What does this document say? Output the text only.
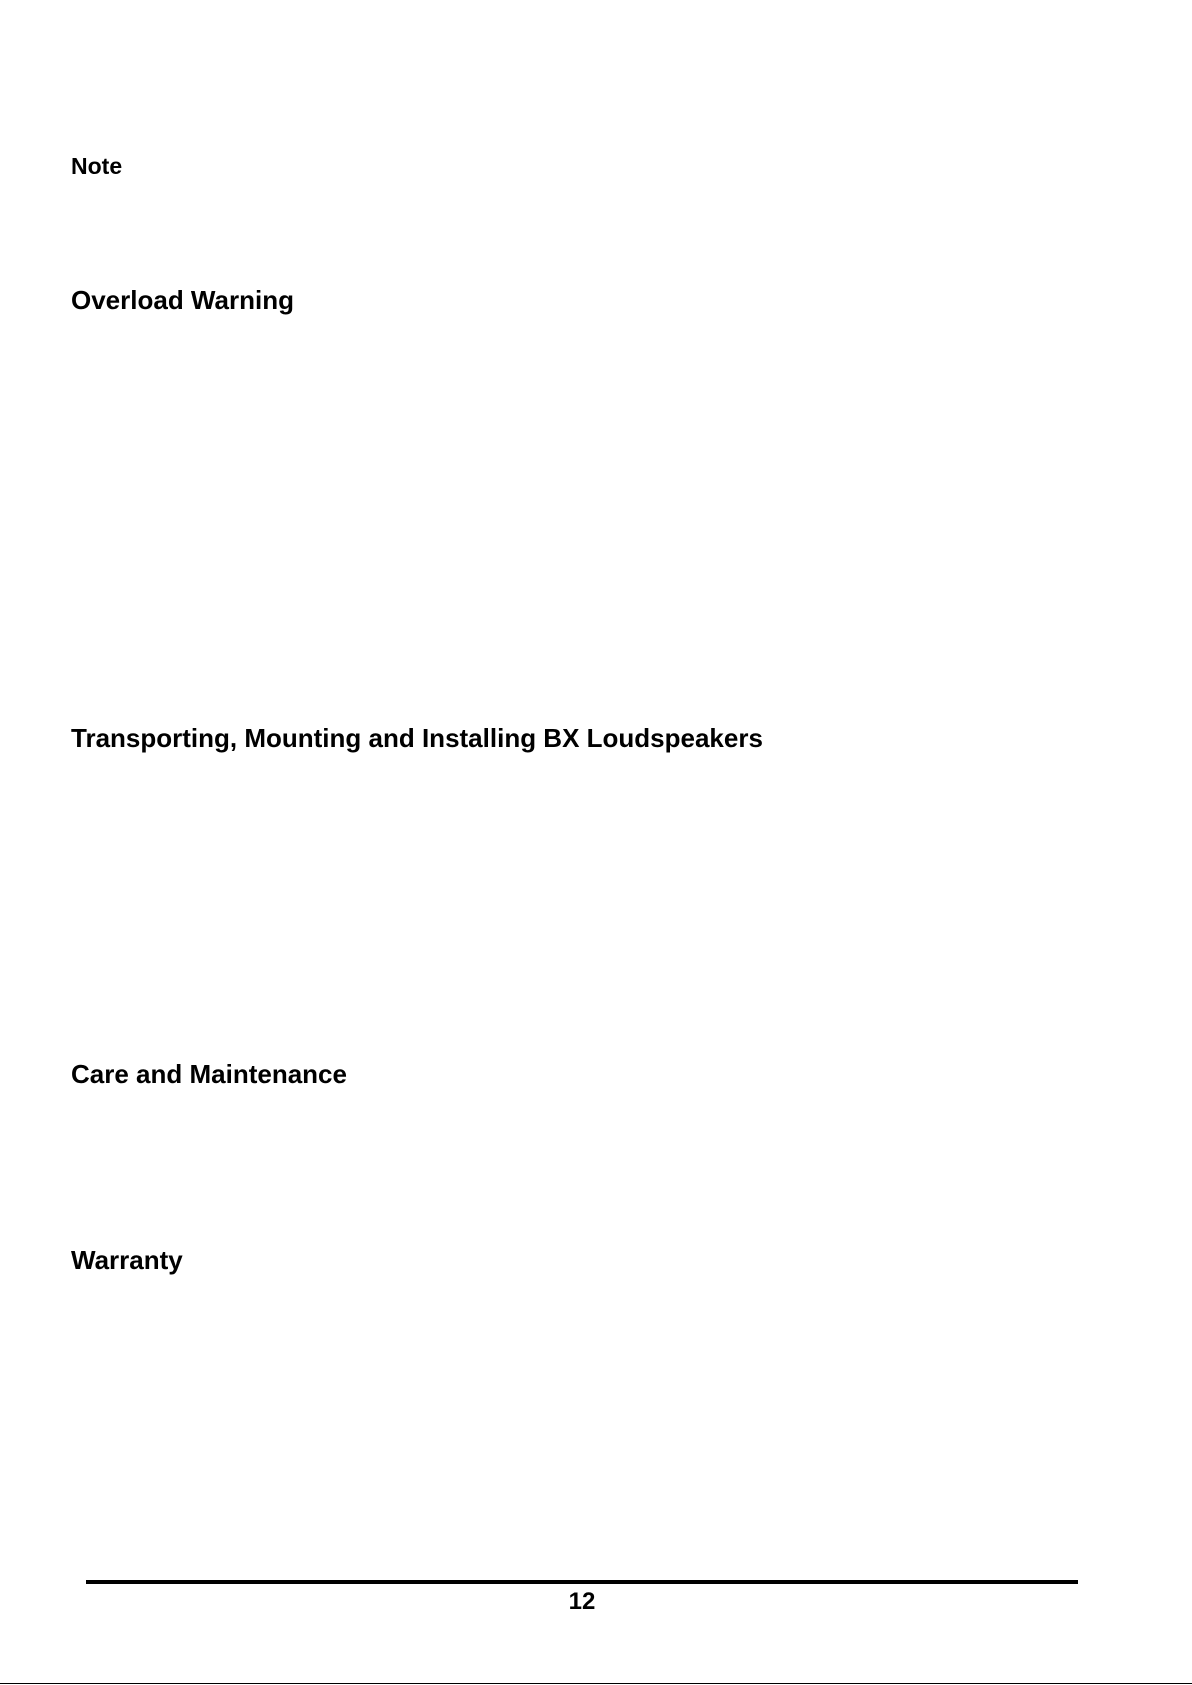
Note
Overload Warning
Transporting, Mounting and Installing BX Loudspeakers
Care and Maintenance
Warranty
12
